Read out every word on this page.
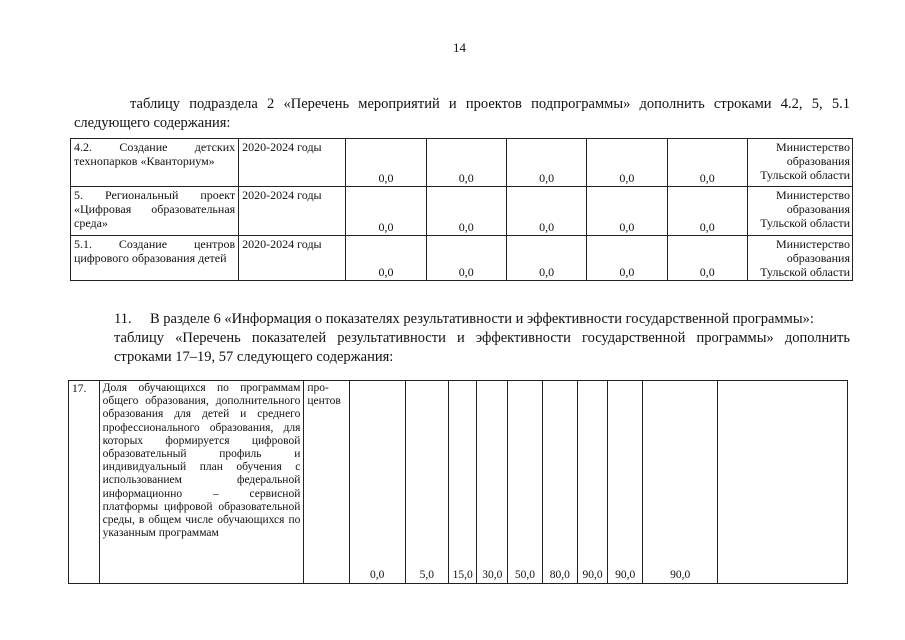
14
таблицу подраздела 2 «Перечень мероприятий и проектов подпрограммы» дополнить строками 4.2, 5, 5.1 следующего содержания:
4.2. Создание детских технопарков «Кванториум»	2020-2024 годы	0,0	0,0	0,0	0,0	0,0	Министерство образования Тульской области
5. Региональный проект «Цифровая образовательная среда»	2020-2024 годы	0,0	0,0	0,0	0,0	0,0	Министерство образования Тульской области
5.1. Создание центров цифрового образования детей	2020-2024 годы	0,0	0,0	0,0	0,0	0,0	Министерство образования Тульской области
11. В разделе 6 «Информация о показателях результативности и эффективности государственной программы»:
таблицу «Перечень показателей результативности и эффективности государственной программы» дополнить строками 17–19, 57 следующего содержания:
17.	Доля обучающихся по программам общего образования, дополнительного образования для детей и среднего профессионального образования, для которых формируется цифровой образовательный профиль и индивидуальный план обучения с использованием федеральной информационно – сервисной платформы цифровой образовательной среды, в общем числе обучающихся по указанным программам	про-центов	0,0	5,0	15,0	30,0	50,0	80,0	90,0	90,0	90,0	
